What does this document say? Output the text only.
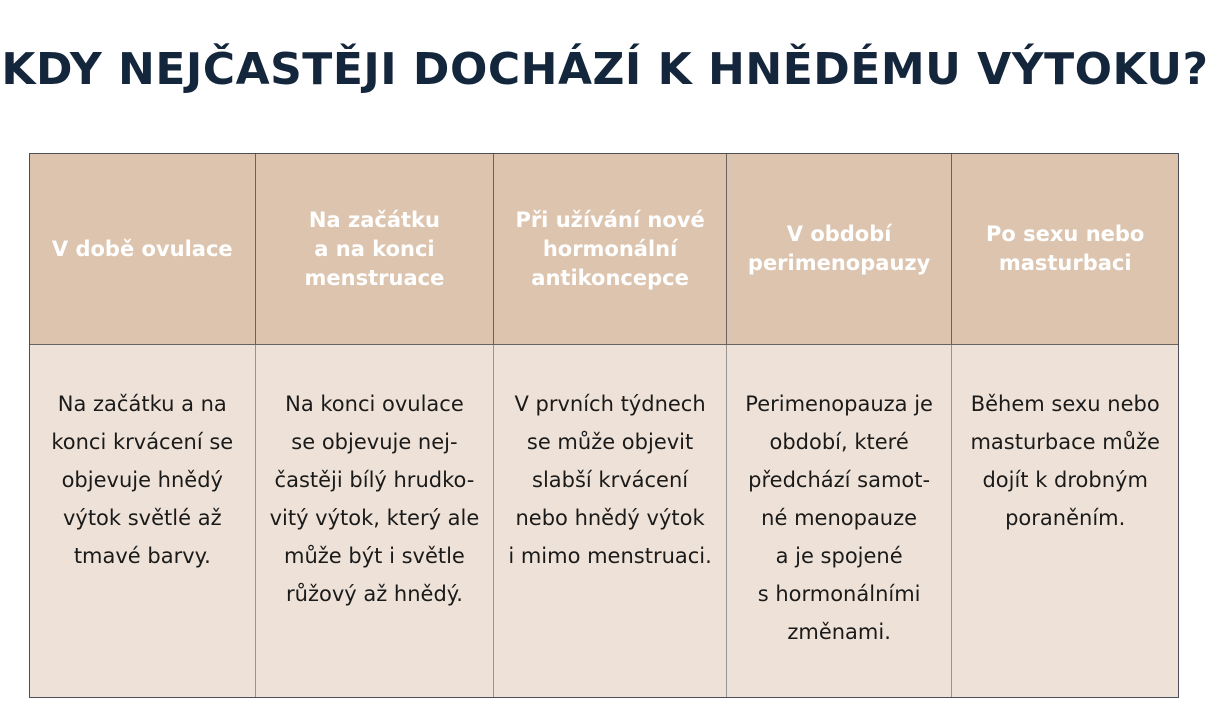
KDY NEJČASTĚJI DOCHÁZÍ K HNĚDÉMU VÝTOKU?
V době ovulace
Na začátku
a na konci
menstruace
Při užívání nové
hormonální
antikoncepce
V období
perimenopauzy
Po sexu nebo
masturbaci
Na začátku a na
konci krvácení se
objevuje hnědý
výtok světlé až
tmavé barvy.
Na konci ovulace
se objevuje nej-
častěji bílý hrudko-
vitý výtok, který ale
může být i světle
růžový až hnědý.
V prvních týdnech
se může objevit
slabší krvácení
nebo hnědý výtok
i mimo menstruaci.
Perimenopauza je
období, které
předchází samot-
né menopauze
a je spojené
s hormonálními
změnami.
Během sexu nebo
masturbace může
dojít k drobným
poraněním.
